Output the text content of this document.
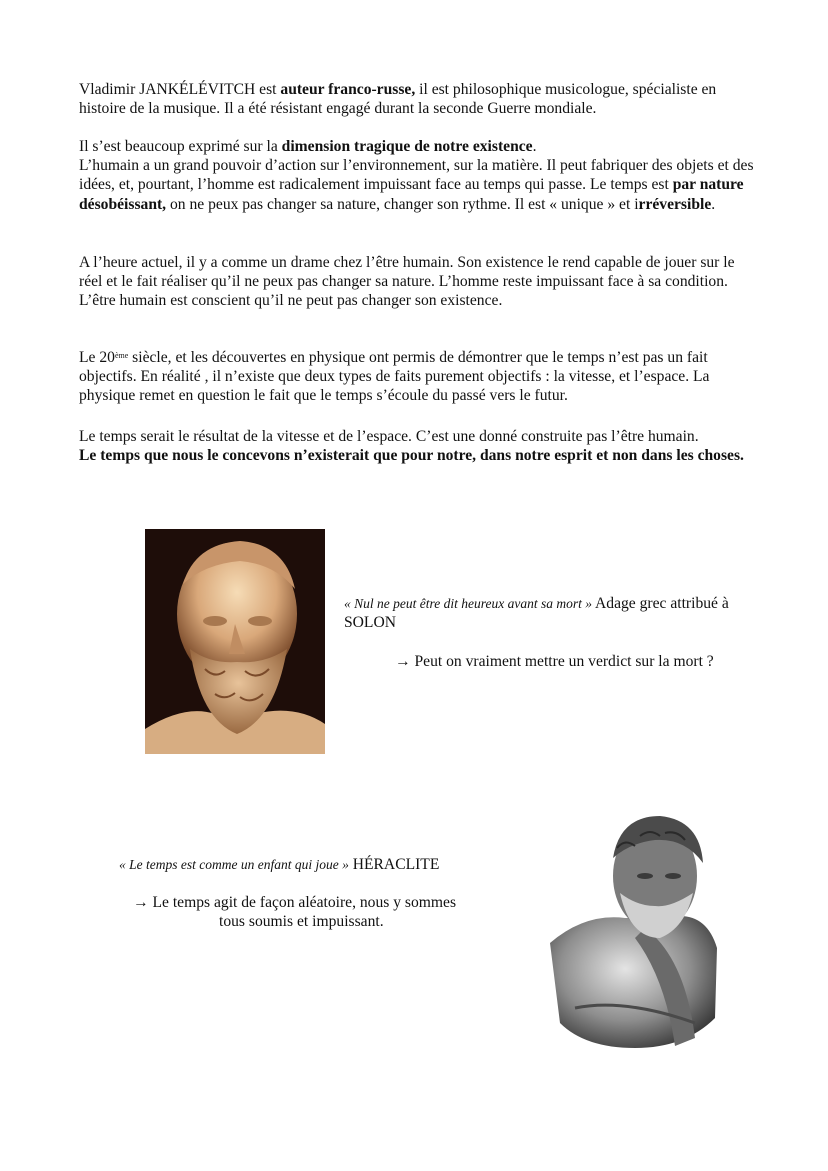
Vladimir JANKÉLÉVITCH est auteur franco-russe, il est philosophique musicologue, spécialiste en histoire de la musique. Il a été résistant engagé durant la seconde Guerre mondiale.
Il s’est beaucoup exprimé sur la dimension tragique de notre existence.
L’humain a un grand pouvoir d’action sur l’environnement, sur la matière. Il peut fabriquer des objets et des idées, et, pourtant, l’homme est radicalement impuissant face au temps qui passe. Le temps est par nature désobéissant, on ne peux pas changer sa nature, changer son rythme. Il est « unique » et irréversible.
A l’heure actuel, il y a comme un drame chez l’être humain. Son existence le rend capable de jouer sur le réel et le fait réaliser qu’il ne peux pas changer sa nature. L’homme reste impuissant face à sa condition. L’être humain est conscient qu’il ne peut pas changer son existence.
Le 20ème siècle, et les découvertes en physique ont permis de démontrer que le temps n’est pas un fait objectifs. En réalité , il n’existe que deux types de faits purement objectifs : la vitesse, et l’espace. La physique remet en question le fait que le temps s’écoule du passé vers le futur.
Le temps serait le résultat de la vitesse et de l’espace. C’est une donné construite pas l’être humain.
Le temps que nous le concevons n’existerait que pour notre, dans notre esprit et non dans les choses.
« Nul ne peut être dit heureux avant sa mort » Adage grec attribué à SOLON
→ Peut on vraiment mettre un verdict sur la mort ?
« Le temps est comme un enfant qui joue » HÉRACLITE
→ Le temps agit de façon aléatoire, nous y sommes
tous soumis et impuissant.
